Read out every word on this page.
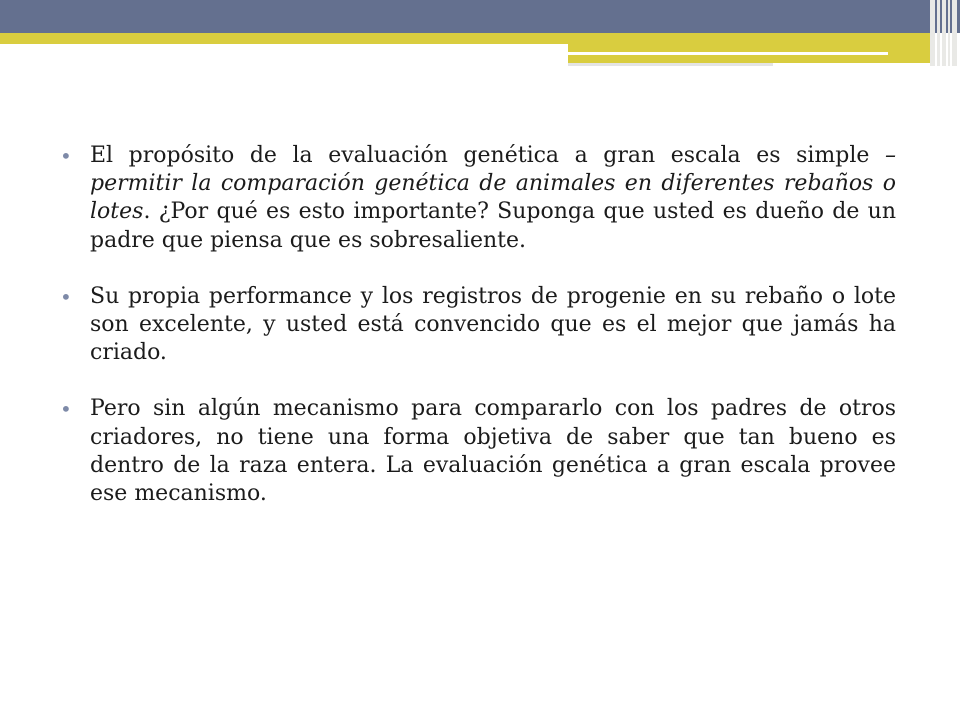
• El propósito de la evaluación genética a gran escala es simple – permitir la comparación genética de animales en diferentes rebaños o lotes. ¿Por qué es esto importante? Suponga que usted es dueño de un padre que piensa que es sobresaliente.
• Su propia performance y los registros de progenie en su rebaño o lote son excelente, y usted está convencido que es el mejor que jamás ha criado.
• Pero sin algún mecanismo para compararlo con los padres de otros criadores, no tiene una forma objetiva de saber que tan bueno es dentro de la raza entera. La evaluación genética a gran escala provee ese mecanismo.
